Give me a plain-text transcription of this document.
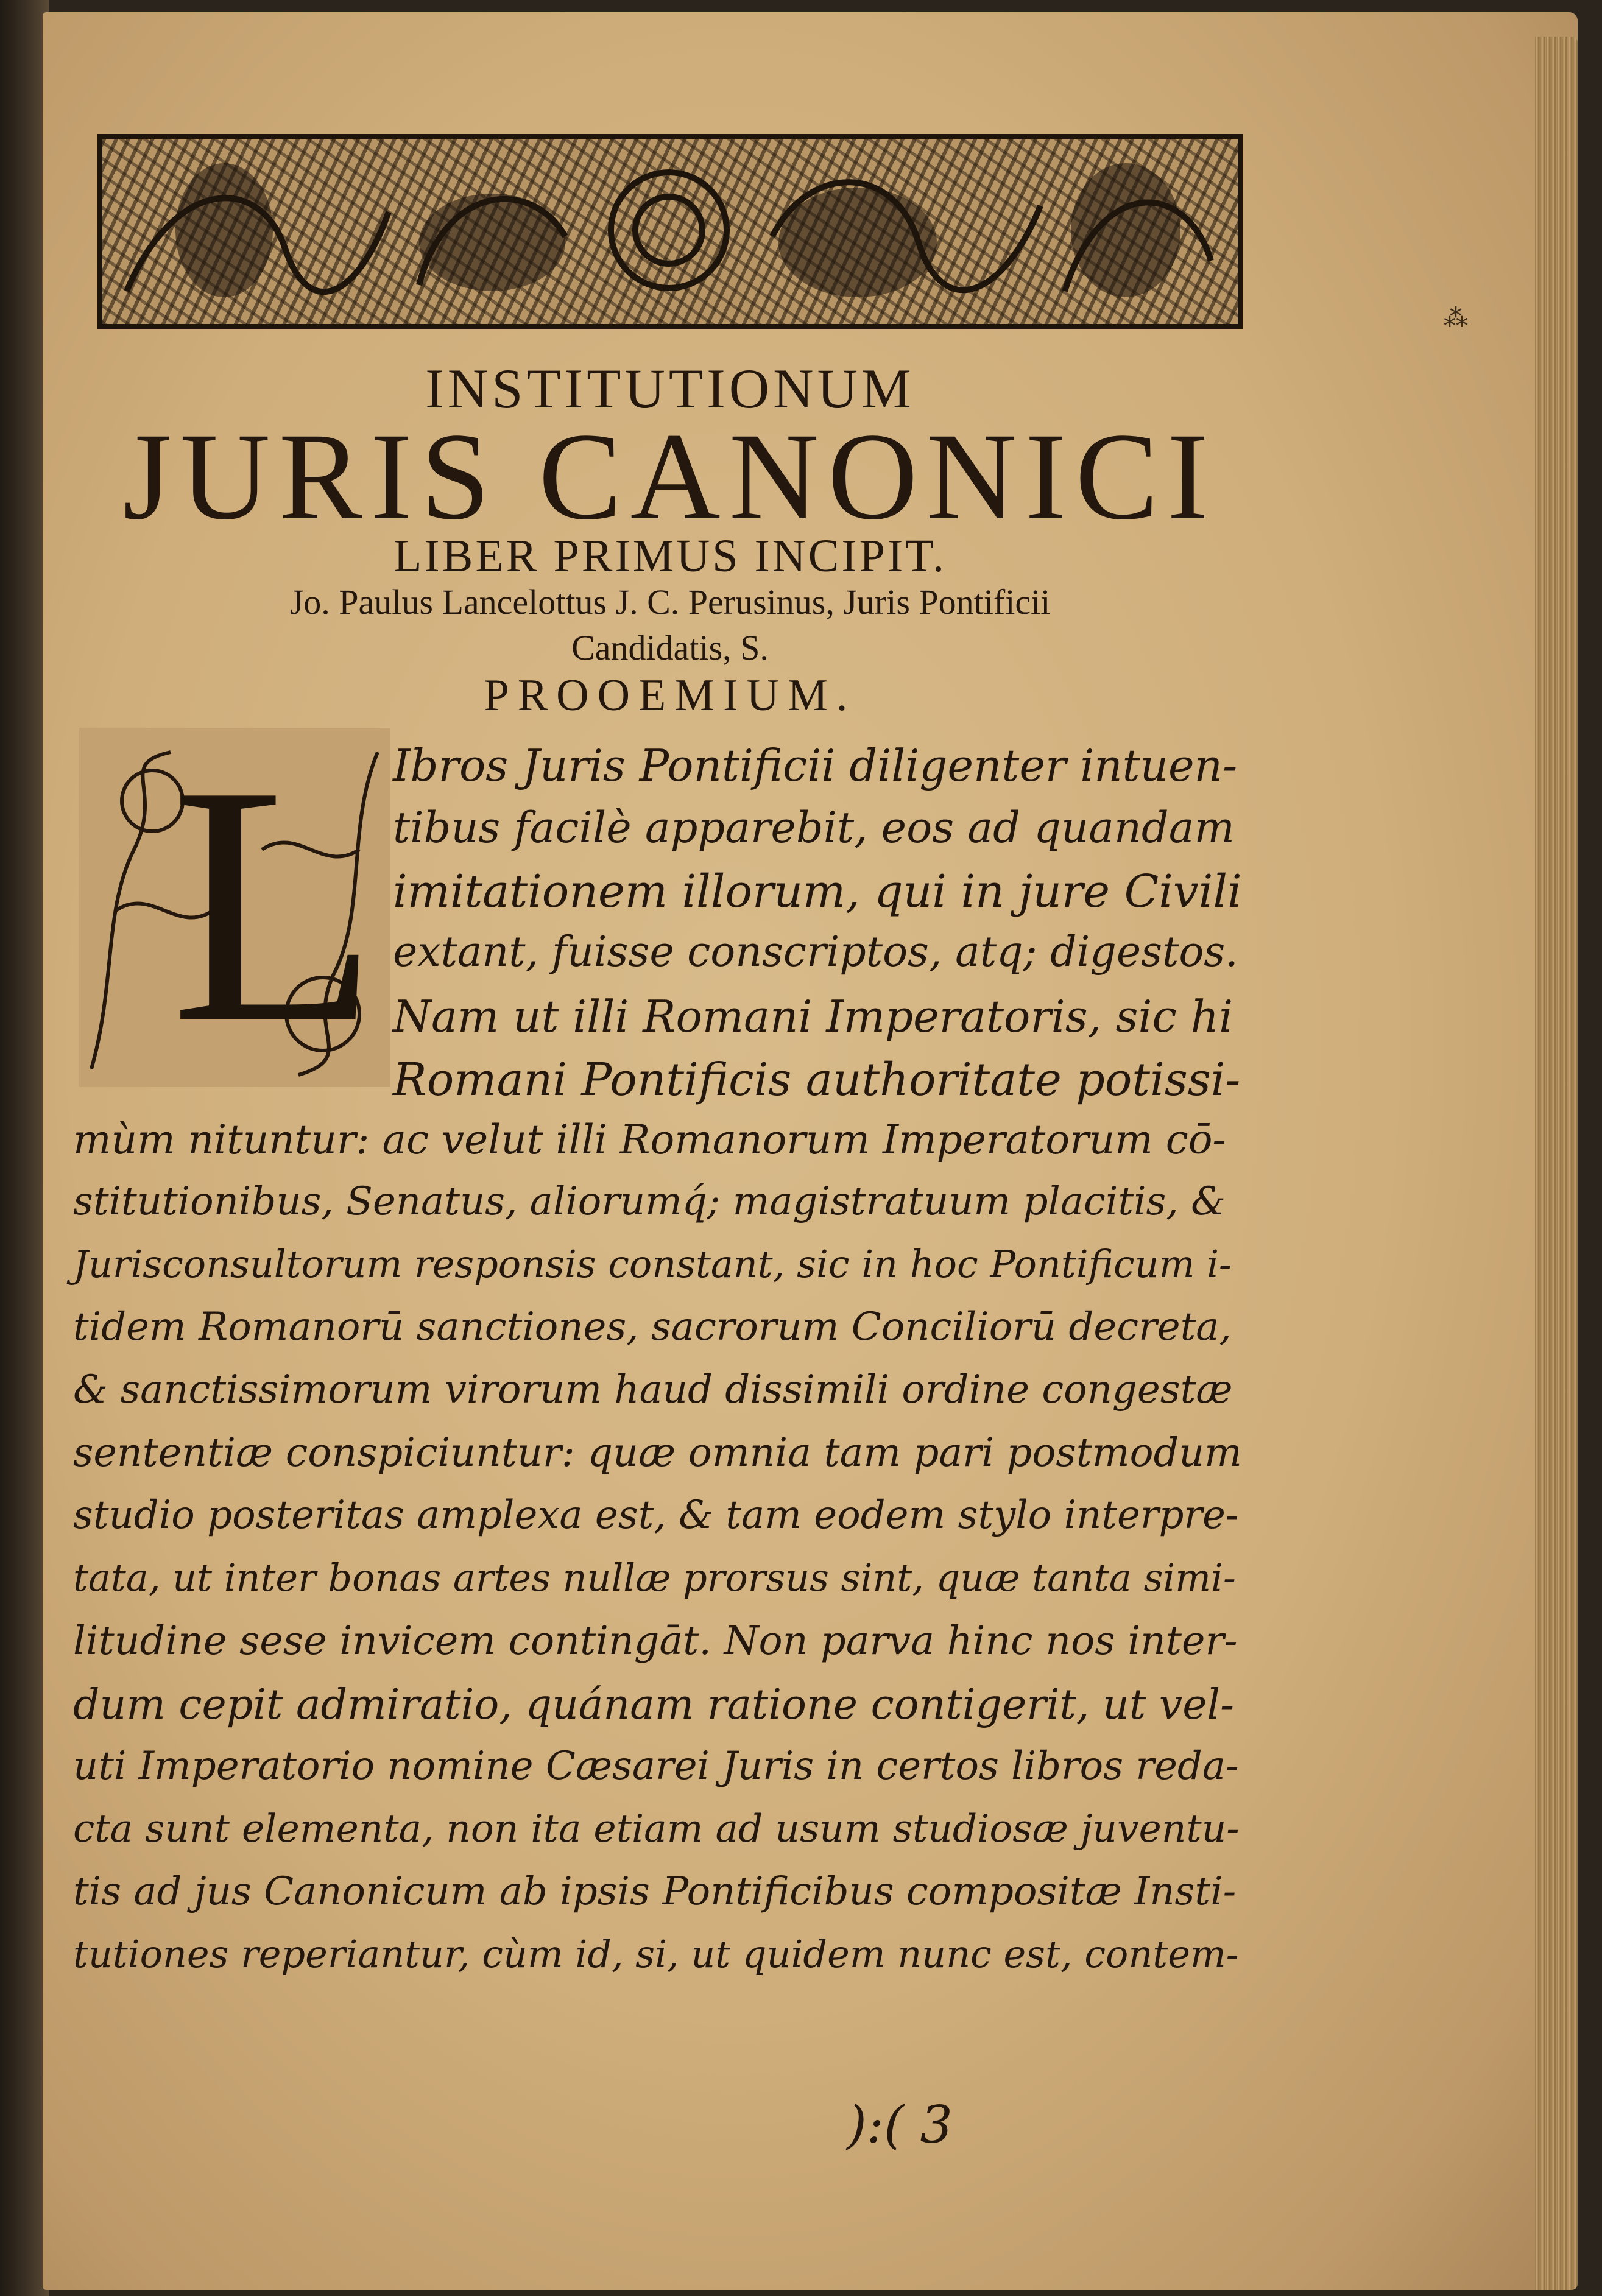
⁂
INSTITUTIONUM
JURIS CANONICI
LIBER PRIMUS INCIPIT.
Jo. Paulus Lancelottus J. C. Perusinus, Juris Pontificii
Candidatis, S.
PROOEMIUM.
L Ibros Juris Pontificii diligenter intuen-
tibus facilè apparebit, eos ad quandam
imitationem illorum, qui in jure Civili
extant, fuisse conscriptos, atq; digestos.
Nam ut illi Romani Imperatoris, sic hi
Romani Pontificis authoritate potissi-
mùm nituntur: ac velut illi Romanorum Imperatorum cō-
stitutionibus, Senatus, aliorumq́; magistratuum placitis, &
Jurisconsultorum responsis constant, sic in hoc Pontificum i-
tidem Romanorū sanctiones, sacrorum Conciliorū decreta,
& sanctissimorum virorum haud dissimili ordine congestæ
sententiæ conspiciuntur: quæ omnia tam pari postmodum
studio posteritas amplexa est, & tam eodem stylo interpre-
tata, ut inter bonas artes nullæ prorsus sint, quæ tanta simi-
litudine sese invicem contingāt. Non parva hinc nos inter-
dum cepit admiratio, quánam ratione contigerit, ut vel-
uti Imperatorio nomine Cæsarei Juris in certos libros reda-
cta sunt elementa, non ita etiam ad usum studiosæ juventu-
tis ad jus Canonicum ab ipsis Pontificibus compositæ Insti-
tutiones reperiantur, cùm id, si, ut quidem nunc est, contem-
):( 3
